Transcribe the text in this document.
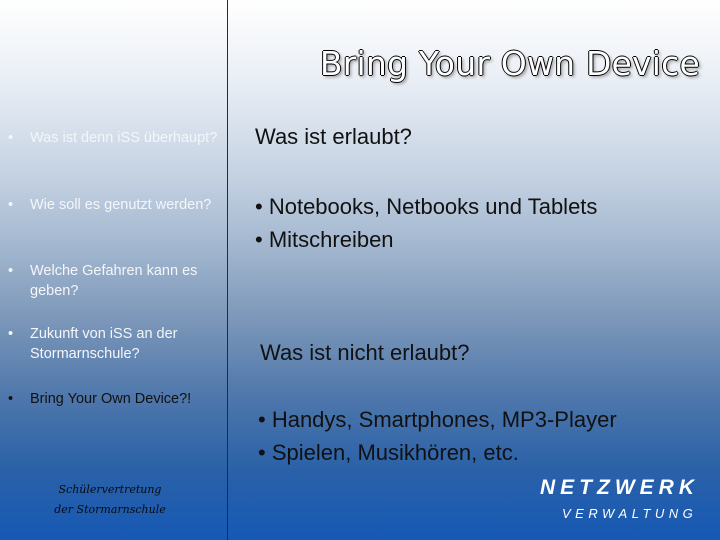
Bring Your Own Device
• Was ist denn iSS überhaupt?
• Wie soll es genutzt werden?
• Welche Gefahren kann es geben?
• Zukunft von iSS an der Stormarnschule?
• Bring Your Own Device?!
Was ist erlaubt?
• Notebooks, Netbooks und Tablets
• Mitschreiben
Was ist nicht erlaubt?
• Handys, Smartphones, MP3-Player
• Spielen, Musikhören, etc.
Schülervertretung
der Stormarnschule
NETZWERK
VERWALTUNG
